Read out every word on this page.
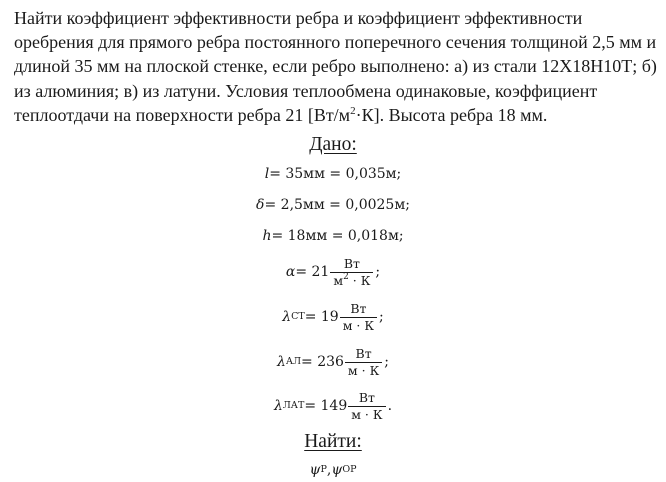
Найти коэффициент эффективности ребра и коэффициент эффективности оребрения для прямого ребра постоянного поперечного сечения толщиной 2,5 мм и длиной 35 мм на плоской стенке, если ребро выполнено: а) из стали 12Х18Н10Т; б) из алюминия; в) из латуни. Условия теплообмена одинаковые, коэффициент теплоотдачи на поверхности ребра 21 $[Вт/м^2\cdot К]$. Высота ребра 18 мм.

Дано:
l = 35мм = 0,035м;
δ = 2,5мм = 0,0025м;
h = 18мм = 0,018м;
$\alpha = 21 \frac{Вт}{м^2 \cdot К}$ ;
λ СТ = $19 \frac{Вт}{м \cdot К}$ ;
λ АЛ = $236 \frac{Вт}{м \cdot К}$ ;
λ ЛАТ = $149 \frac{Вт}{м \cdot К}$ .
Найти:
ψ Р , ψ ОР
